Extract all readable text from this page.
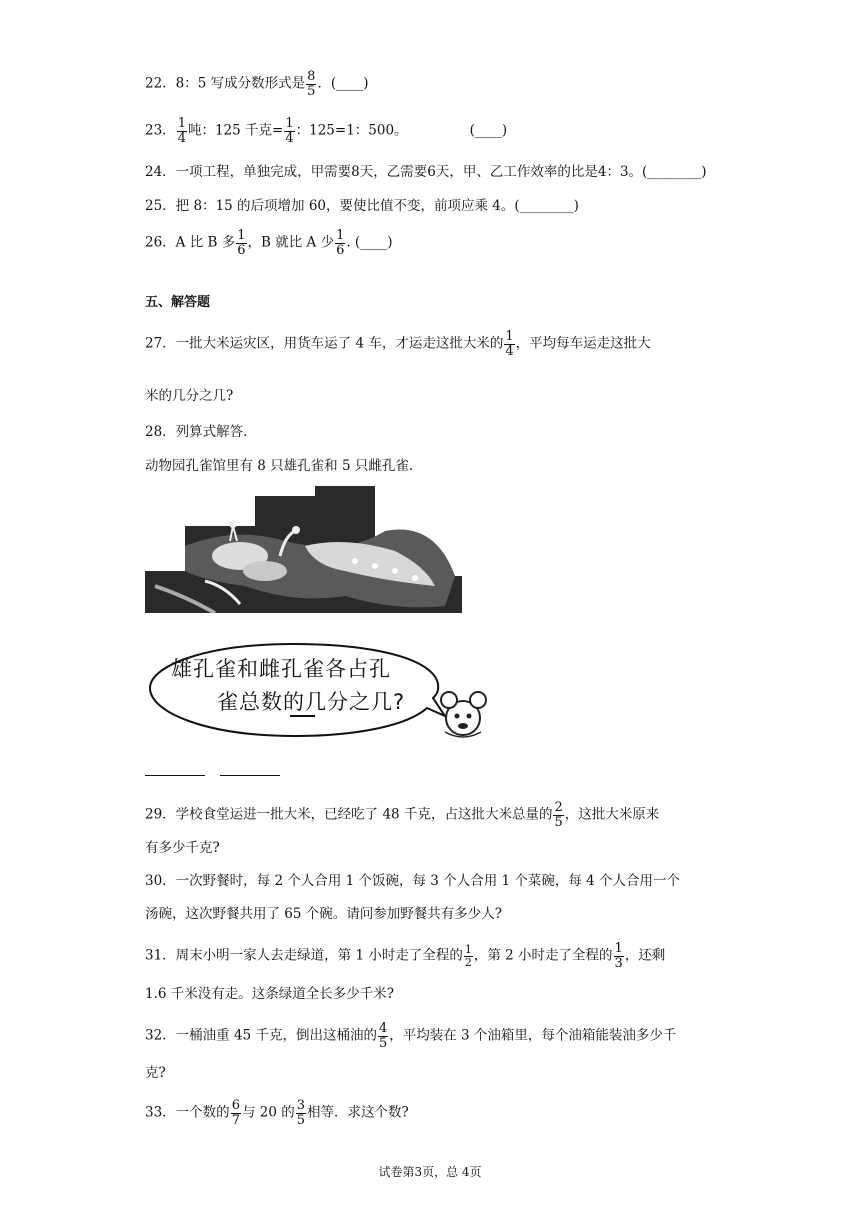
22．8：5 写成分数形式是 $\frac{8}{5}$ ．(____)
23． $\frac{1}{4}$ 吨：125 千克= $\frac{1}{4}$ ：125=1：500。	(____)
24．一项工程，单独完成，甲需要8天，乙需要6天，甲、乙工作效率的比是4：3。(________)
25．把 8：15 的后项增加 60，要使比值不变，前项应乘 4。(________)
26．A 比 B 多 $\frac{1}{6}$ ，B 就比 A 少 $\frac{1}{6}$ . (____)
五、解答题
27．一批大米运灾区，用货车运了 4 车，才运走这批大米的 $\frac{1}{4}$ ，平均每车运走这批大
米的几分之几?
28．列算式解答.
动物园孔雀馆里有 8 只雄孔雀和 5 只雌孔雀.
雄孔雀和雌孔雀各占孔
雀总数的几分之几?
29．学校食堂运进一批大米，已经吃了 48 千克，占这批大米总量的 $\frac{2}{5}$ ，这批大米原来
有多少千克?
30．一次野餐时，每 2 个人合用 1 个饭碗，每 3 个人合用 1 个菜碗，每 4 个人合用一个
汤碗，这次野餐共用了 65 个碗。请问参加野餐共有多少人?
31．周末小明一家人去走绿道，第 1 小时走了全程的 $\frac{1}{2}$ ，第 2 小时走了全程的 $\frac{1}{3}$ ，还剩
1.6 千米没有走。这条绿道全长多少千米?
32．一桶油重 45 千克，倒出这桶油的 $\frac{4}{5}$ ，平均装在 3 个油箱里，每个油箱能装油多少千
克?
33．一个数的 $\frac{6}{7}$ 与 20 的 $\frac{3}{5}$ 相等．求这个数?
试卷第3页，总 4页
